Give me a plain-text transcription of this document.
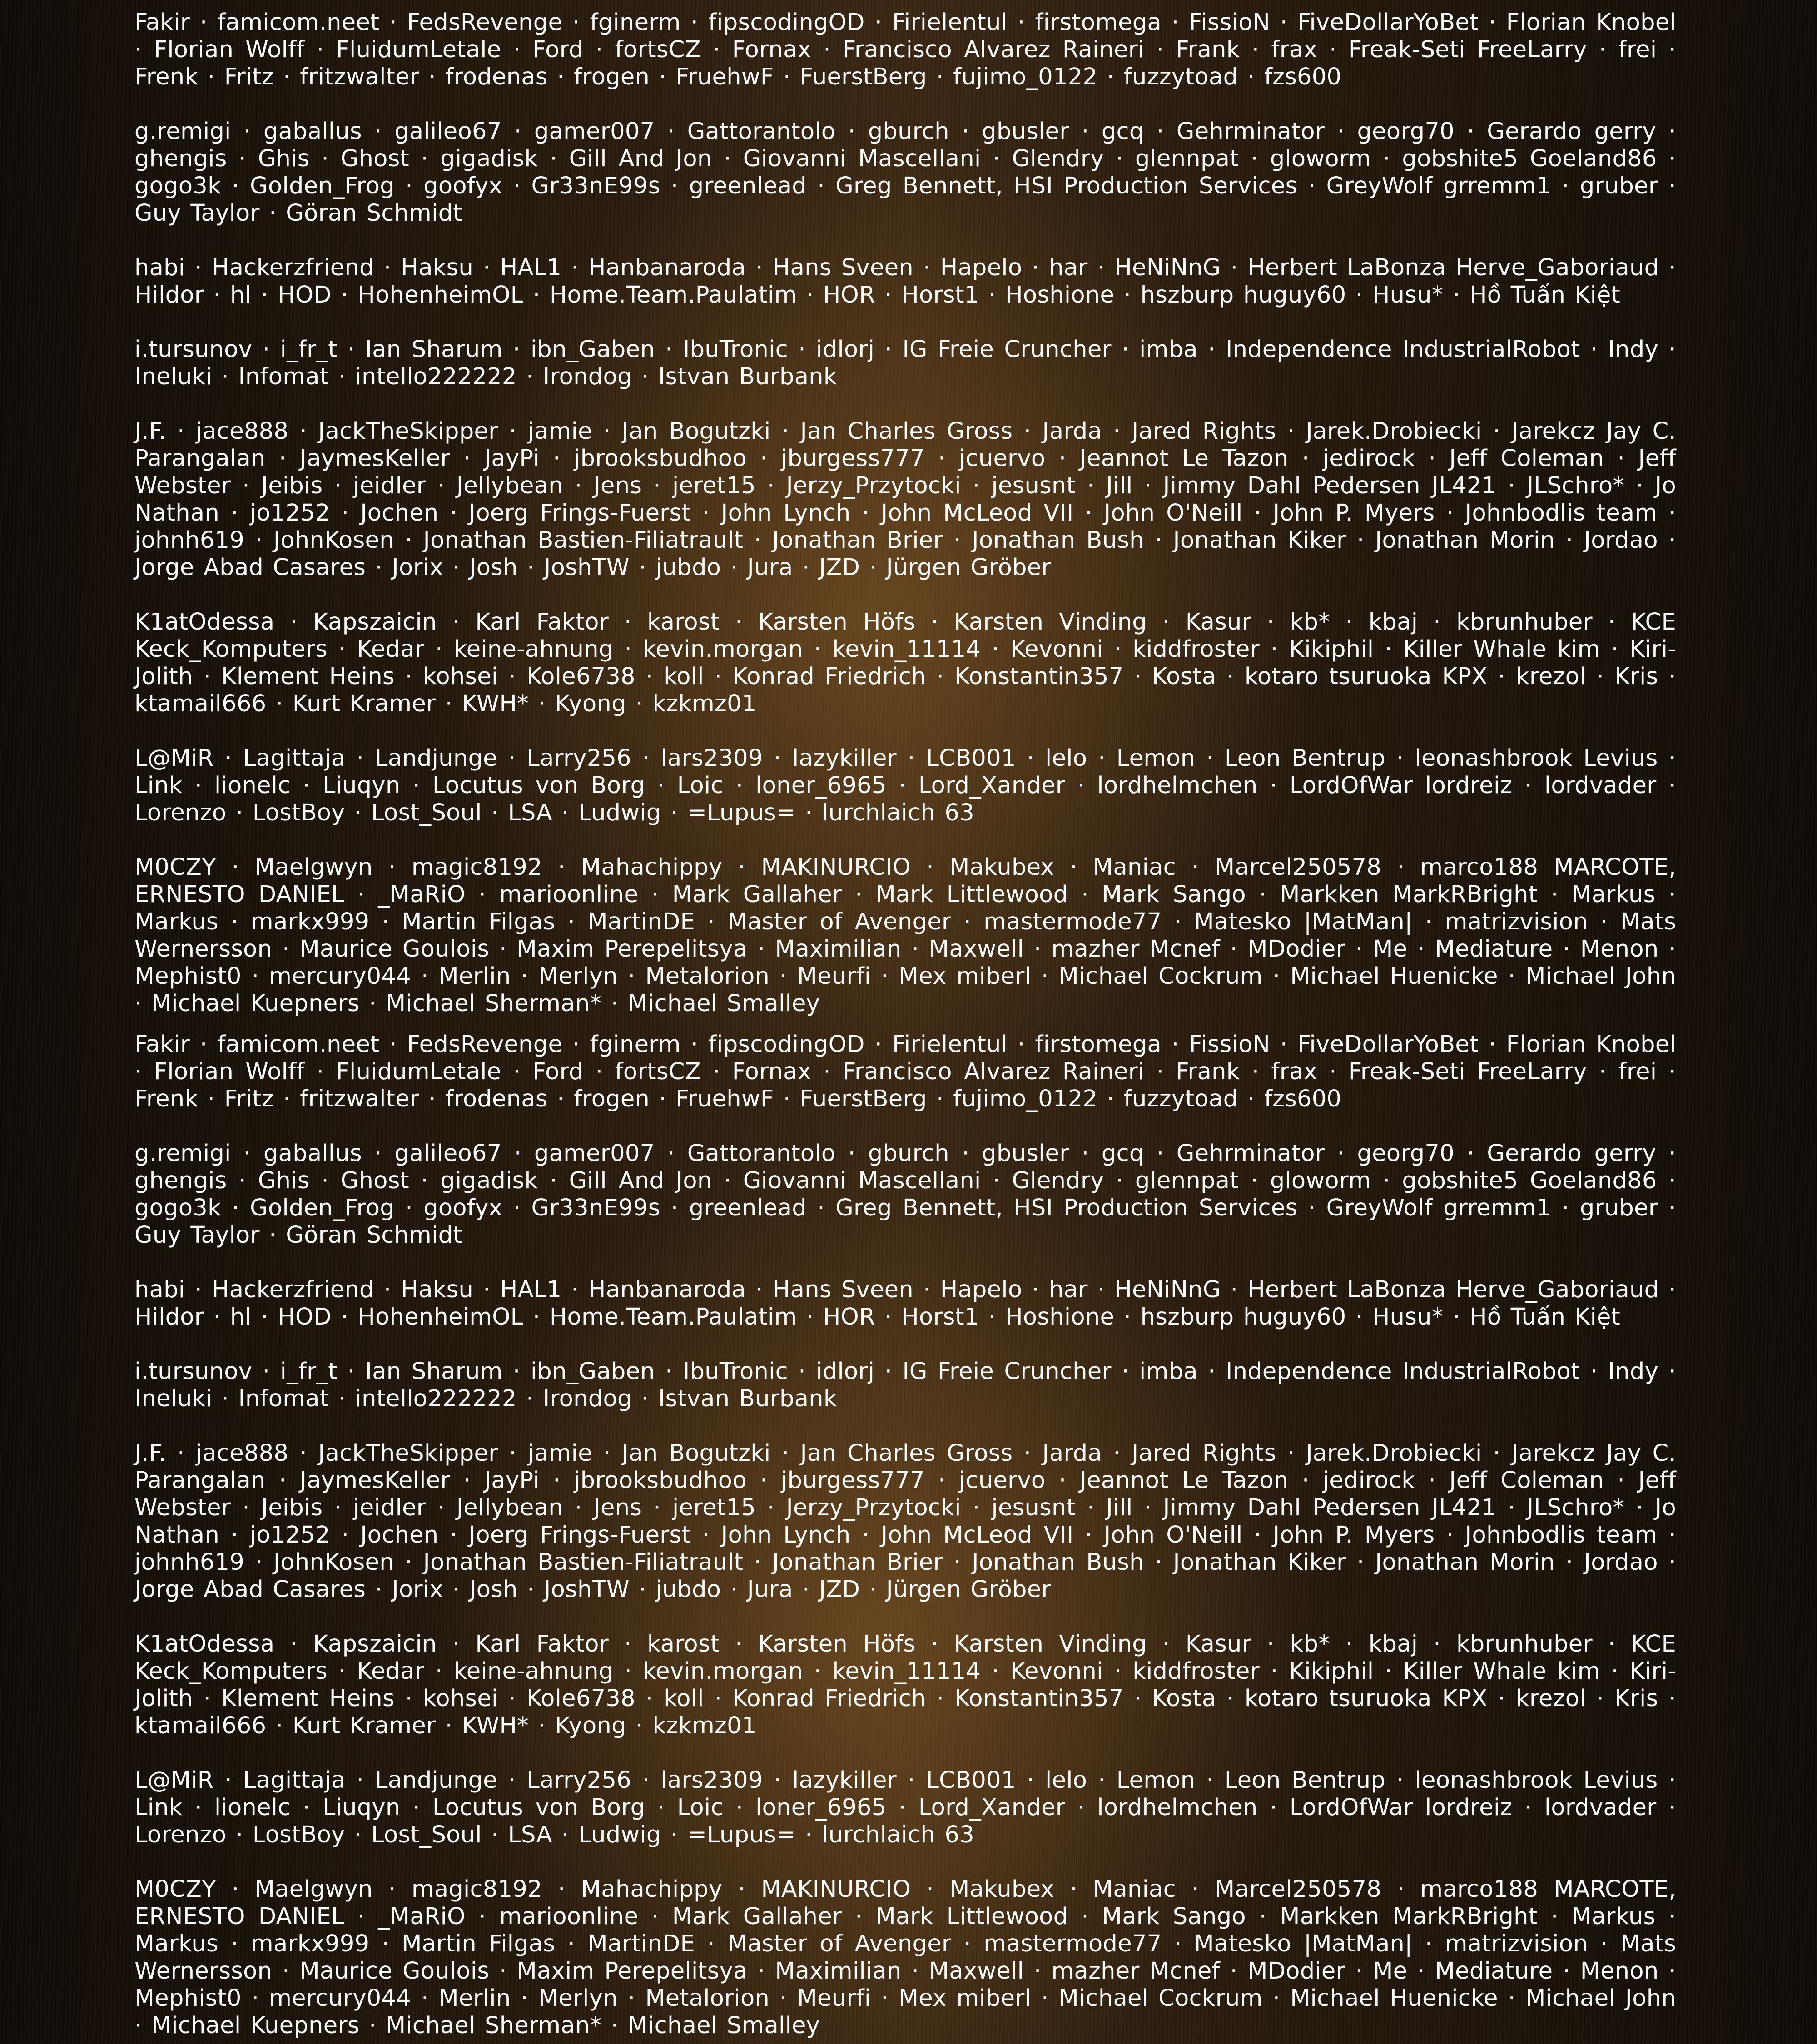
Fakir · famicom.neet · FedsRevenge · fginerm · fipscodingOD · Firielentul · firstomega · FissioN · FiveDollarYoBet · Florian Knobel · Florian Wolff · FluidumLetale · Ford · fortsCZ · Fornax · Francisco Alvarez Raineri · Frank · frax · Freak-Seti FreeLarry · frei · Frenk · Fritz · fritzwalter · frodenas · frogen · FruehwF · FuerstBerg · fujimo_0122 · fuzzytoad · fzs600

g.remigi · gaballus · galileo67 · gamer007 · Gattorantolo · gburch · gbusler · gcq · Gehrminator · georg70 · Gerardo gerry · ghengis · Ghis · Ghost · gigadisk · Gill And Jon · Giovanni Mascellani · Glendry · glennpat · gloworm · gobshite5 Goeland86 · gogo3k · Golden_Frog · goofyx · Gr33nE99s · greenlead · Greg Bennett, HSI Production Services · GreyWolf grremm1 · gruber · Guy Taylor · Göran Schmidt

habi · Hackerzfriend · Haksu · HAL1 · Hanbanaroda · Hans Sveen · Hapelo · har · HeNiNnG · Herbert LaBonza Herve_Gaboriaud · Hildor · hl · HOD · HohenheimOL · Home.Team.Paulatim · HOR · Horst1 · Hoshione · hszburp huguy60 · Husu* · Hồ Tuấn Kiệt

i.tursunov · i_fr_t · Ian Sharum · ibn_Gaben · IbuTronic · idlorj · IG Freie Cruncher · imba · Independence IndustrialRobot · Indy · Ineluki · Infomat · intello222222 · Irondog · Istvan Burbank

J.F. · jace888 · JackTheSkipper · jamie · Jan Bogutzki · Jan Charles Gross · Jarda · Jared Rights · Jarek.Drobiecki · Jarekcz Jay C. Parangalan · JaymesKeller · JayPi · jbrooksbudhoo · jburgess777 · jcuervo · Jeannot Le Tazon · jedirock · Jeff Coleman · Jeff Webster · Jeibis · jeidler · Jellybean · Jens · jeret15 · Jerzy_Przytocki · jesusnt · Jill · Jimmy Dahl Pedersen JL421 · JLSchro* · Jo Nathan · jo1252 · Jochen · Joerg Frings-Fuerst · John Lynch · John McLeod VII · John O'Neill · John P. Myers · Johnbodlis team · johnh619 · JohnKosen · Jonathan Bastien-Filiatrault · Jonathan Brier · Jonathan Bush · Jonathan Kiker · Jonathan Morin · Jordao · Jorge Abad Casares · Jorix · Josh · JoshTW · jubdo · Jura · JZD · Jürgen Gröber

K1atOdessa · Kapszaicin · Karl Faktor · karost · Karsten Höfs · Karsten Vinding · Kasur · kb* · kbaj · kbrunhuber · KCE Keck_Komputers · Kedar · keine-ahnung · kevin.morgan · kevin_11114 · Kevonni · kiddfroster · Kikiphil · Killer Whale kim · Kiri-Jolith · Klement Heins · kohsei · Kole6738 · koll · Konrad Friedrich · Konstantin357 · Kosta · kotaro tsuruoka KPX · krezol · Kris · ktamail666 · Kurt Kramer · KWH* · Kyong · kzkmz01

L@MiR · Lagittaja · Landjunge · Larry256 · lars2309 · lazykiller · LCB001 · lelo · Lemon · Leon Bentrup · leonashbrook Levius · Link · lionelc · Liuqyn · Locutus von Borg · Loic · loner_6965 · Lord_Xander · lordhelmchen · LordOfWar lordreiz · lordvader · Lorenzo · LostBoy · Lost_Soul · LSA · Ludwig · =Lupus= · lurchlaich 63

M0CZY · Maelgwyn · magic8192 · Mahachippy · MAKINURCIO · Makubex · Maniac · Marcel250578 · marco188 MARCOTE, ERNESTO DANIEL · _MaRiO · marioonline · Mark Gallaher · Mark Littlewood · Mark Sango · Markken MarkRBright · Markus · Markus · markx999 · Martin Filgas · MartinDE · Master of Avenger · mastermode77 · Matesko |MatMan| · matrizvision · Mats Wernersson · Maurice Goulois · Maxim Perepelitsya · Maximilian · Maxwell · mazher Mcnef · MDodier · Me · Mediature · Menon · Mephist0 · mercury044 · Merlin · Merlyn · Metalorion · Meurfi · Mex miberl · Michael Cockrum · Michael Huenicke · Michael John · Michael Kuepners · Michael Sherman* · Michael Smalley

Fakir · famicom.neet · FedsRevenge · fginerm · fipscodingOD · Firielentul · firstomega · FissioN · FiveDollarYoBet · Florian Knobel · Florian Wolff · FluidumLetale · Ford · fortsCZ · Fornax · Francisco Alvarez Raineri · Frank · frax · Freak-Seti FreeLarry · frei · Frenk · Fritz · fritzwalter · frodenas · frogen · FruehwF · FuerstBerg · fujimo_0122 · fuzzytoad · fzs600

g.remigi · gaballus · galileo67 · gamer007 · Gattorantolo · gburch · gbusler · gcq · Gehrminator · georg70 · Gerardo gerry · ghengis · Ghis · Ghost · gigadisk · Gill And Jon · Giovanni Mascellani · Glendry · glennpat · gloworm · gobshite5 Goeland86 · gogo3k · Golden_Frog · goofyx · Gr33nE99s · greenlead · Greg Bennett, HSI Production Services · GreyWolf grremm1 · gruber · Guy Taylor · Göran Schmidt

habi · Hackerzfriend · Haksu · HAL1 · Hanbanaroda · Hans Sveen · Hapelo · har · HeNiNnG · Herbert LaBonza Herve_Gaboriaud · Hildor · hl · HOD · HohenheimOL · Home.Team.Paulatim · HOR · Horst1 · Hoshione · hszburp huguy60 · Husu* · Hồ Tuấn Kiệt

i.tursunov · i_fr_t · Ian Sharum · ibn_Gaben · IbuTronic · idlorj · IG Freie Cruncher · imba · Independence IndustrialRobot · Indy · Ineluki · Infomat · intello222222 · Irondog · Istvan Burbank

J.F. · jace888 · JackTheSkipper · jamie · Jan Bogutzki · Jan Charles Gross · Jarda · Jared Rights · Jarek.Drobiecki · Jarekcz Jay C. Parangalan · JaymesKeller · JayPi · jbrooksbudhoo · jburgess777 · jcuervo · Jeannot Le Tazon · jedirock · Jeff Coleman · Jeff Webster · Jeibis · jeidler · Jellybean · Jens · jeret15 · Jerzy_Przytocki · jesusnt · Jill · Jimmy Dahl Pedersen JL421 · JLSchro* · Jo Nathan · jo1252 · Jochen · Joerg Frings-Fuerst · John Lynch · John McLeod VII · John O'Neill · John P. Myers · Johnbodlis team · johnh619 · JohnKosen · Jonathan Bastien-Filiatrault · Jonathan Brier · Jonathan Bush · Jonathan Kiker · Jonathan Morin · Jordao · Jorge Abad Casares · Jorix · Josh · JoshTW · jubdo · Jura · JZD · Jürgen Gröber

K1atOdessa · Kapszaicin · Karl Faktor · karost · Karsten Höfs · Karsten Vinding · Kasur · kb* · kbaj · kbrunhuber · KCE Keck_Komputers · Kedar · keine-ahnung · kevin.morgan · kevin_11114 · Kevonni · kiddfroster · Kikiphil · Killer Whale kim · Kiri-Jolith · Klement Heins · kohsei · Kole6738 · koll · Konrad Friedrich · Konstantin357 · Kosta · kotaro tsuruoka KPX · krezol · Kris · ktamail666 · Kurt Kramer · KWH* · Kyong · kzkmz01

L@MiR · Lagittaja · Landjunge · Larry256 · lars2309 · lazykiller · LCB001 · lelo · Lemon · Leon Bentrup · leonashbrook Levius · Link · lionelc · Liuqyn · Locutus von Borg · Loic · loner_6965 · Lord_Xander · lordhelmchen · LordOfWar lordreiz · lordvader · Lorenzo · LostBoy · Lost_Soul · LSA · Ludwig · =Lupus= · lurchlaich 63

M0CZY · Maelgwyn · magic8192 · Mahachippy · MAKINURCIO · Makubex · Maniac · Marcel250578 · marco188 MARCOTE, ERNESTO DANIEL · _MaRiO · marioonline · Mark Gallaher · Mark Littlewood · Mark Sango · Markken MarkRBright · Markus · Markus · markx999 · Martin Filgas · MartinDE · Master of Avenger · mastermode77 · Matesko |MatMan| · matrizvision · Mats Wernersson · Maurice Goulois · Maxim Perepelitsya · Maximilian · Maxwell · mazher Mcnef · MDodier · Me · Mediature · Menon · Mephist0 · mercury044 · Merlin · Merlyn · Metalorion · Meurfi · Mex miberl · Michael Cockrum · Michael Huenicke · Michael John · Michael Kuepners · Michael Sherman* · Michael Smalley
